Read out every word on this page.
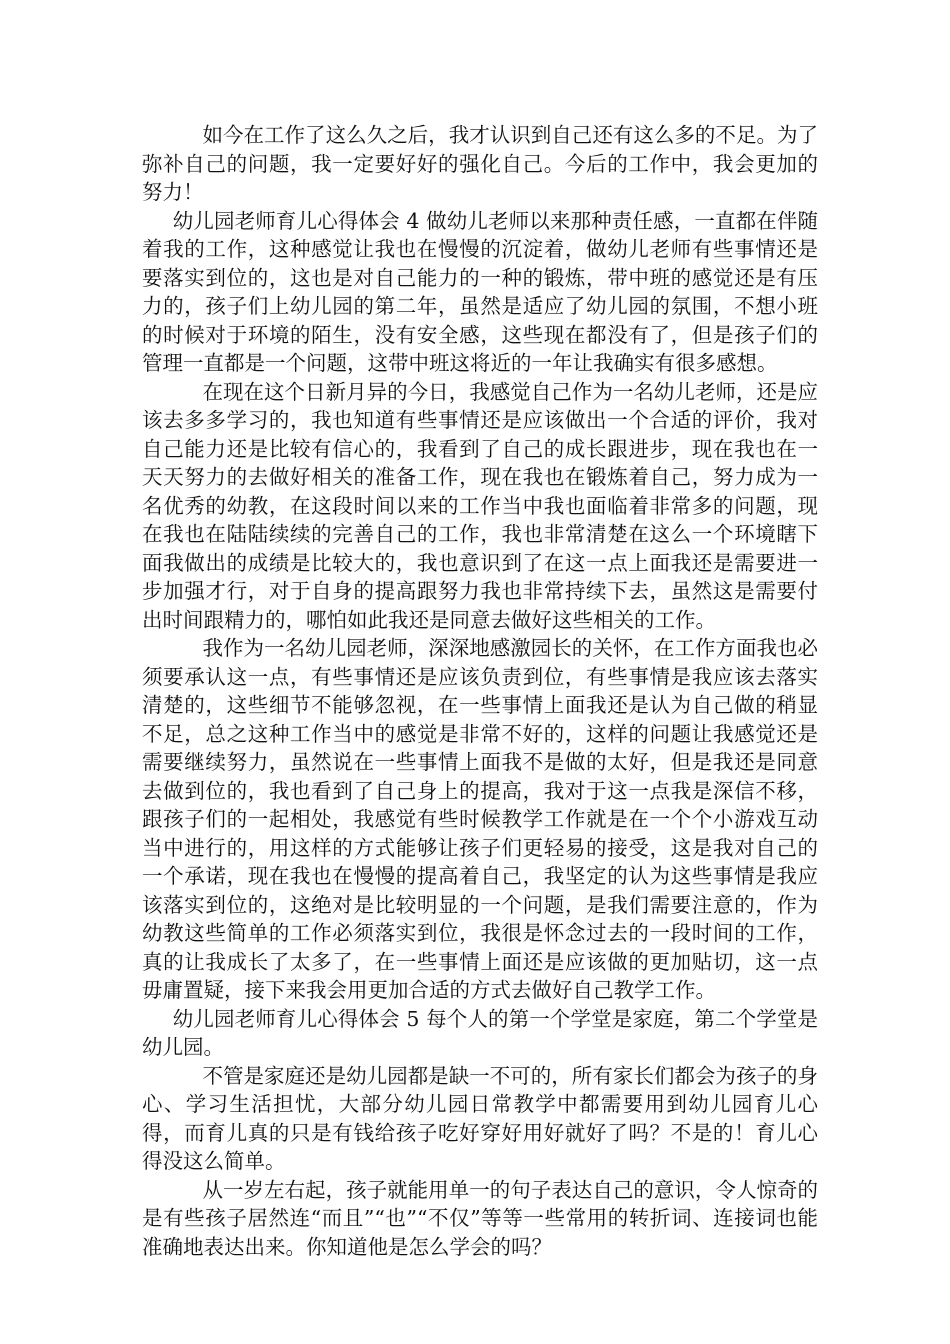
如今在工作了这么久之后，我才认识到自己还有这么多的不足。为了弥补自己的问题，我一定要好好的强化自己。今后的工作中，我会更加的努力！

幼儿园老师育儿心得体会 4 做幼儿老师以来那种责任感，一直都在伴随着我的工作，这种感觉让我也在慢慢的沉淀着，做幼儿老师有些事情还是要落实到位的，这也是对自己能力的一种的锻炼，带中班的感觉还是有压力的，孩子们上幼儿园的第二年，虽然是适应了幼儿园的氛围，不想小班的时候对于环境的陌生，没有安全感，这些现在都没有了，但是孩子们的管理一直都是一个问题，这带中班这将近的一年让我确实有很多感想。

在现在这个日新月异的今日，我感觉自己作为一名幼儿老师，还是应该去多多学习的，我也知道有些事情还是应该做出一个合适的评价，我对自己能力还是比较有信心的，我看到了自己的成长跟进步，现在我也在一天天努力的去做好相关的准备工作，现在我也在锻炼着自己，努力成为一名优秀的幼教，在这段时间以来的工作当中我也面临着非常多的问题，现在我也在陆陆续续的完善自己的工作，我也非常清楚在这么一个环境瞎下面我做出的成绩是比较大的，我也意识到了在这一点上面我还是需要进一步加强才行，对于自身的提高跟努力我也非常持续下去，虽然这是需要付出时间跟精力的，哪怕如此我还是同意去做好这些相关的工作。

我作为一名幼儿园老师，深深地感激园长的关怀，在工作方面我也必须要承认这一点，有些事情还是应该负责到位，有些事情是我应该去落实清楚的，这些细节不能够忽视，在一些事情上面我还是认为自己做的稍显不足，总之这种工作当中的感觉是非常不好的，这样的问题让我感觉还是需要继续努力，虽然说在一些事情上面我不是做的太好，但是我还是同意去做到位的，我也看到了自己身上的提高，我对于这一点我是深信不移，跟孩子们的一起相处，我感觉有些时候教学工作就是在一个个小游戏互动当中进行的，用这样的方式能够让孩子们更轻易的接受，这是我对自己的一个承诺，现在我也在慢慢的提高着自己，我坚定的认为这些事情是我应该落实到位的，这绝对是比较明显的一个问题，是我们需要注意的，作为幼教这些简单的工作必须落实到位，我很是怀念过去的一段时间的工作，真的让我成长了太多了，在一些事情上面还是应该做的更加贴切，这一点毋庸置疑，接下来我会用更加合适的方式去做好自己教学工作。

幼儿园老师育儿心得体会 5 每个人的第一个学堂是家庭，第二个学堂是幼儿园。

不管是家庭还是幼儿园都是缺一不可的，所有家长们都会为孩子的身心、学习生活担忧，大部分幼儿园日常教学中都需要用到幼儿园育儿心得，而育儿真的只是有钱给孩子吃好穿好用好就好了吗？不是的！育儿心得没这么简单。

从一岁左右起，孩子就能用单一的句子表达自己的意识，令人惊奇的是有些孩子居然连“而且”“也”“不仅”等等一些常用的转折词、连接词也能准确地表达出来。你知道他是怎么学会的吗？
